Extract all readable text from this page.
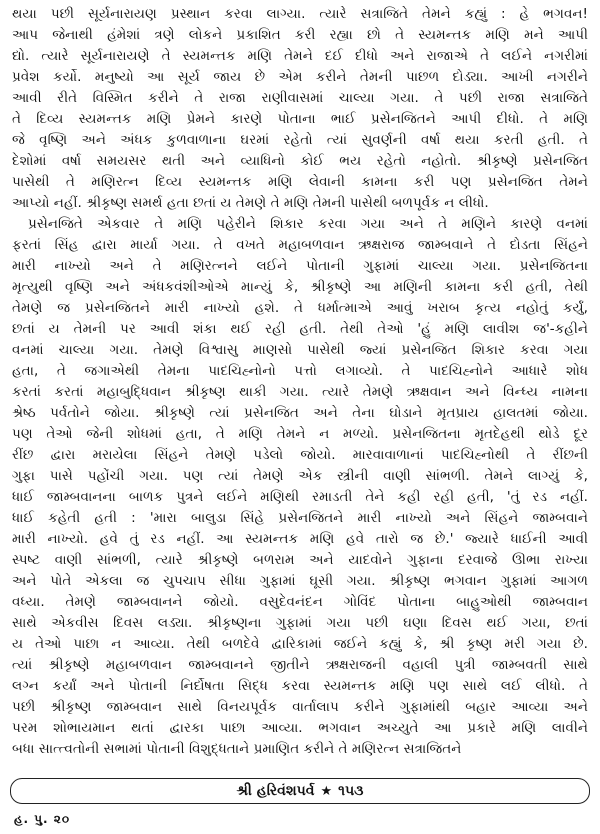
થયા પછી સૂર્યનારાયણ પ્રસ્થાન કરવા લાગ્યા. ત્યારે સત્રાજિતે તેમને કહ્યું : હે ભગવન!
આપ જેનાથી હંમેશાં ત્રણે લોકને પ્રકાશિત કરી રહ્યા છો તે સ્યમન્તક મણિ મને આપી
દ્યો. ત્યારે સૂર્યનારાયણે તે સ્યમન્તક મણિ તેમને દઈ દીધો અને રાજાએ તે લઈને નગરીમાં
પ્રવેશ કર્યો. મનુષ્યો આ સૂર્ય જાય છે એમ કરીને તેમની પાછળ દોડ્યા. આખી નગરીને
આવી રીતે વિસ્મિત કરીને તે રાજા રાણીવાસમાં ચાલ્યા ગયા. તે પછી રાજા સત્રાજિતે
તે દિવ્ય સ્યમન્તક મણિ પ્રેમને કારણે પોતાના ભાઈ પ્રસેનજિતને આપી દીધો. તે મણિ
જે વૃષ્ણિ અને અંધક કુળવાળાના ઘરમાં રહેતો ત્યાં સુવર્ણની વર્ષા થયા કરતી હતી. તે
દેશોમાં વર્ષા સમયસર થતી અને વ્યાધિનો કોઈ ભય રહેતો નહોતો. શ્રીકૃષ્ણે પ્રસેનજિત
પાસેથી તે મણિરત્ન દિવ્ય સ્યમન્તક મણિ લેવાની કામના કરી પણ પ્રસેનજિત તેમને
આપ્યો નહીં. શ્રીકૃષ્ણ સમર્થ હતા છતાં ય તેમણે તે મણિ તેમની પાસેથી બળપૂર્વક ન લીધો.
પ્રસેનજિતે એકવાર તે મણિ પહેરીને શિકાર કરવા ગયા અને તે મણિને કારણે વનમાં
ફરતાં સિંહ દ્વારા માર્યા ગયા. તે વખતે મહાબળવાન ઋક્ષરાજ જામ્બવાને તે દોડતા સિંહને
મારી નાખ્યો અને તે મણિરત્નને લઈને પોતાની ગુફામાં ચાલ્યા ગયા. પ્રસેનજિતના
મૃત્યુથી વૃષ્ણિ અને અંધકવંશીઓએ માન્યું કે, શ્રીકૃષ્ણે આ મણિની કામના કરી હતી, તેથી
તેમણે જ પ્રસેનજિતને મારી નાખ્યો હશે. તે ધર્માત્માએ આવું ખરાબ કૃત્ય નહોતું કર્યું,
છતાં ય તેમની પર આવી શંકા થઈ રહી હતી. તેથી તેઓ 'હું મણિ લાવીશ જ'-કહીને
વનમાં ચાલ્યા ગયા. તેમણે વિશ્વાસુ માણસો પાસેથી જ્યાં પ્રસેનજિત શિકાર કરવા ગયા
હતા, તે જગાએથી તેમના પાદચિહ્નોનો પત્તો લગાવ્યો. તે પાદચિહ્નોને આધારે શોધ
કરતાં કરતાં મહાબુદ્ધિવાન શ્રીકૃષ્ણ થાકી ગયા. ત્યારે તેમણે ઋક્ષવાન અને વિન્ધ્ય નામના
શ્રેષ્ઠ પર્વતોને જોયા. શ્રીકૃષ્ણે ત્યાં પ્રસેનજિત અને તેના ઘોડાને મૃતપ્રાય હાલતમાં જોયા.
પણ તેઓ જેની શોધમાં હતા, તે મણિ તેમને ન મળ્યો. પ્રસેનજિતના મૃતદેહથી થોડે દૂર
રીંછ દ્વારા મરાયેલા સિંહને તેમણે પડેલો જોયો. મારવાવાળાનાં પાદચિહ્નોથી તે રીંછની
ગુફા પાસે પહોંચી ગયા. પણ ત્યાં તેમણે એક સ્ત્રીની વાણી સાંભળી. તેમને લાગ્યું કે,
ધાઈ જામ્બવાનના બાળક પુત્રને લઈને મણિથી રમાડતી તેને કહી રહી હતી, 'તું રડ નહીં.
ધાઈ કહેતી હતી : 'મારા બાલુડા સિંહે પ્રસેનજિતને મારી નાખ્યો અને સિંહને જામ્બવાને
મારી નાખ્યો. હવે તું રડ નહીં. આ સ્યમન્તક મણિ હવે તારો જ છે.' જ્યારે ધાઈની આવી
સ્પષ્ટ વાણી સાંભળી, ત્યારે શ્રીકૃષ્ણે બળરામ અને યાદવોને ગુફાના દરવાજે ઊભા રાખ્યા
અને પોતે એકલા જ ચુપચાપ સીધા ગુફામાં ઘૂસી ગયા. શ્રીકૃષ્ણ ભગવાન ગુફામાં આગળ
વધ્યા. તેમણે જામ્બવાનને જોયો. વસુદેવનંદન ગોવિંદ પોતાના બાહુઓથી જામ્બવાન
સાથે એકવીસ દિવસ લડ્યા. શ્રીકૃષ્ણના ગુફામાં ગયા પછી ઘણા દિવસ થઈ ગયા, છતાં
ય તેઓ પાછા ન આવ્યા. તેથી બળદેવે દ્વારિકામાં જઈને કહ્યું કે, શ્રી કૃષ્ણ મરી ગયા છે.
ત્યાં શ્રીકૃષ્ણે મહાબળવાન જામ્બવાનને જીતીને ઋક્ષરાજની વહાલી પુત્રી જામ્બવતી સાથે
લગ્ન કર્યાં અને પોતાની નિર્દોષતા સિદ્ધ કરવા સ્યમન્તક મણિ પણ સાથે લઈ લીધો. તે
પછી શ્રીકૃષ્ણ જામ્બવાન સાથે વિનયપૂર્વક વાર્તાલાપ કરીને ગુફામાંથી બહાર આવ્યા અને
પરમ શોભાયમાન થતાં દ્વારકા પાછા આવ્યા. ભગવાન અચ્યુતે આ પ્રકારે મણિ લાવીને
બધા સાત્ત્વતોની સભામાં પોતાની વિશુદ્ધતાને પ્રમાણિત કરીને તે મણિરત્ન સત્રાજિતને
શ્રી હરિવંશપર્વ ★ ૧૫૩
હ. પુ. ૨૦
